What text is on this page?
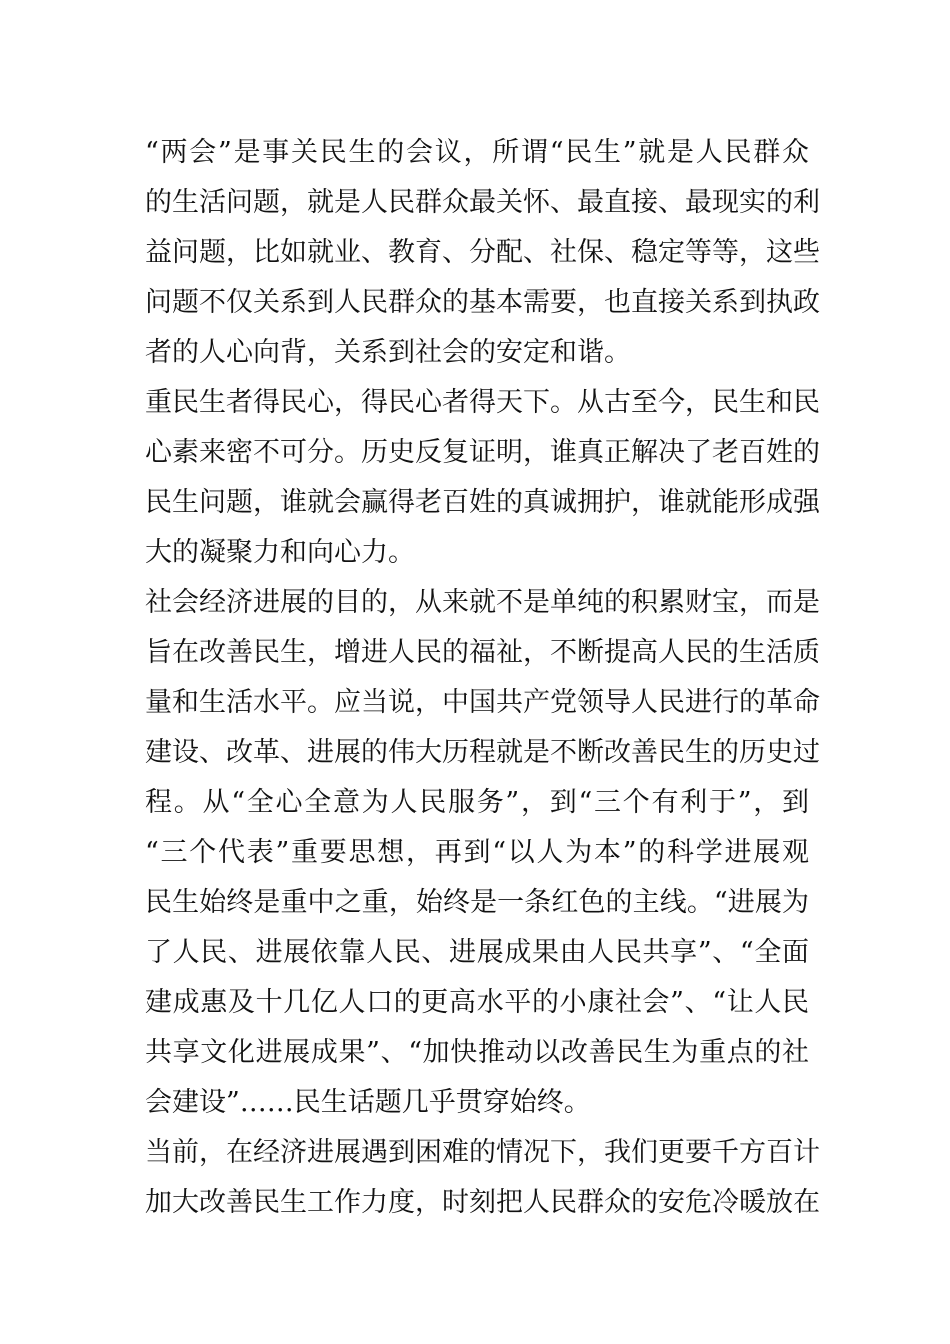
“两会”是事关民生的会议，所谓“民生”就是人民群众
的生活问题，就是人民群众最关怀、最直接、最现实的利
益问题，比如就业、教育、分配、社保、稳定等等，这些
问题不仅关系到人民群众的基本需要，也直接关系到执政
者的人心向背，关系到社会的安定和谐。
重民生者得民心，得民心者得天下。从古至今，民生和民
心素来密不可分。历史反复证明，谁真正解决了老百姓的
民生问题，谁就会赢得老百姓的真诚拥护，谁就能形成强
大的凝聚力和向心力。
社会经济进展的目的，从来就不是单纯的积累财宝，而是
旨在改善民生，增进人民的福祉，不断提高人民的生活质
量和生活水平。应当说，中国共产党领导人民进行的革命
建设、改革、进展的伟大历程就是不断改善民生的历史过
程。从“全心全意为人民服务”，到“三个有利于”，到
“三个代表”重要思想，再到“以人为本”的科学进展观
民生始终是重中之重，始终是一条红色的主线。“进展为
了人民、进展依靠人民、进展成果由人民共享”、“全面
建成惠及十几亿人口的更高水平的小康社会”、“让人民
共享文化进展成果”、“加快推动以改善民生为重点的社
会建设”……民生话题几乎贯穿始终。
当前，在经济进展遇到困难的情况下，我们更要千方百计
加大改善民生工作力度，时刻把人民群众的安危冷暖放在
